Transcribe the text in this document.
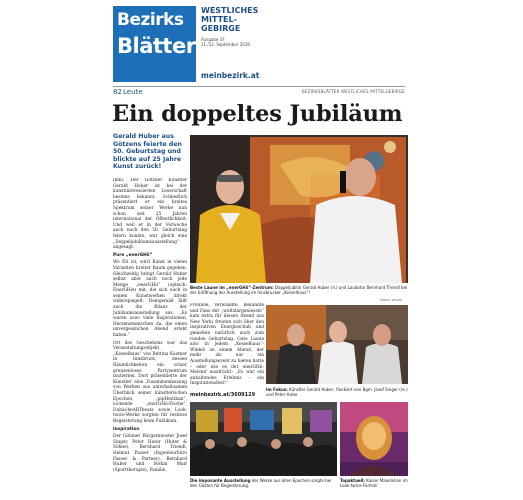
Bezirks
Blätter
WESTLICHES
MITTEL-
GEBIRGE
Ausgabe 37
11./12. September 2019
meinbezirk.at
82 Leute	BEZIRKSBLÄTTER WESTLICHES MITTELGEBIRGE
Ein doppeltes Jubiläum
Gerald Huber aus Götzens feierte den 50. Geburtstag und blickte auf 25 Jahre Kunst zurück!

(mb). Der Götzner Künstler Gerald Huber ist bei der kunstinteressierten Leserschaft bestens bekannt. Schließlich präsentiert er ein breites Spektrum seiner Werke nun schon seit 25 Jahren international der Öffentlichkeit. Und weil er in der Vorwoche auch noch den 50. Geburtstag feiern konnte, war gleich eine „Doppeljubiläumsausstellung“ angesagt.

Pure „enerGHii“

Wo Elt ist, wird Kunst in vielen Varianten breiter Raum gegeben. Gleichzeitig bringt Gerald Huber selbst aber auch noch jede Menge „enerGHii“ (optisch: EnerGHie) mit, die sich auch in seinen Kunstwerken direkt widerspiegelt. Demgemäß fällt auch die Bilanz der Jubiläumsausstellung aus. „Es waren sooo viele Inspirationen, Herzensmenschen da, die einen unvergesslichen Abend erlebt haben.“

Ort des Geschehens war das Veranstaltungsobjekt „Kesselhaus“ von Bettina Kastner in Innsbruck, dessen Räumlichkeiten ein schier grenzenloses Partyzentrum mutierten. Dort präsentierte der Künstler eine Zusammenfassung von Werken aus unterhaltsamen Überblick seiner künstlerischen Epochen, „pipHenthan“, lockende „enerGHii-Fische“, Dubai-heARTbeats sowie Look-twice-Werke sorgten für restlose Begeisterung beim Publikum.

Inspiration

Der Götzner Bürgermeister Josef Singer, Peter Huter (Huter & Söhne), Bernhard Triendl, Helmut Passer (Ingenieurbüro Passer & Partner), Bernhard Huber und Stefan Mair (Sporttherapie), Familie,

Beste Laune im „enerGHii“-Zentrum: Doppeljubilar Gerald Huber (li.) und Laudator Bernhard Triendl bei der Eröffnung der Ausstellung im Innsbrucker „Kesselhaus“!
Fotos: privat

Freunde, Verwandte, Bekannte und Fans der „weltstargeniesste“ kam extra für diesen Abend aus New York) freuten sich über den inspirativen Energieschub und genießen natürlich auch zum runden Geburtstag. Gute Laune also in jedem „Kesselhaus“-Winkel an einem Abend, der mehr als nur ein Ausstellungsevent zu bieten hatte – oder wie es der enerGHii-Meister ausdrückt: „Es war ein anhaltendes Erlebnis – ein Inspirationsfest!“

meinbezirk.at/3609129
Im Fokus: Künstler Gerald Huber, flankiert von Bgm. Josef Singer (re.) und Peter Huter
Die imposante Ausstellung der Werke aus allen Epochen sorgte bei den Gästen für Begeisterung.
Topaktuell: Kaiser Maximilian im Look-twice-Format
